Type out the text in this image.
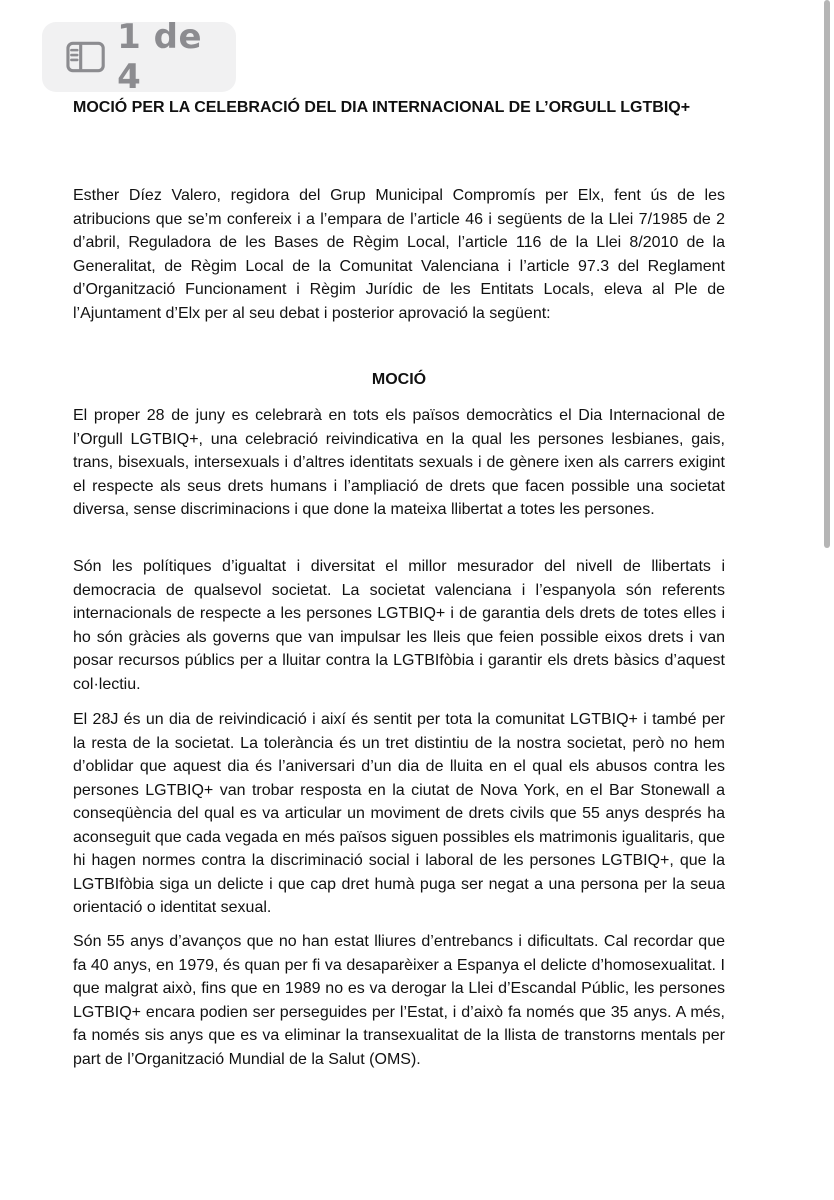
1 de 4
MOCIÓ PER LA CELEBRACIÓ DEL DIA INTERNACIONAL DE L’ORGULL LGTBIQ+

Esther Díez Valero, regidora del Grup Municipal Compromís per Elx, fent ús de les atribucions que se’m confereix i a l’empara de l’article 46 i següents de la Llei 7/1985 de 2 d’abril, Reguladora de les Bases de Règim Local, l’article 116 de la Llei 8/2010 de la Generalitat, de Règim Local de la Comunitat Valenciana i l’article 97.3 del Reglament d’Organització Funcionament i Règim Jurídic de les Entitats Locals, eleva al Ple de l’Ajuntament d’Elx per al seu debat i posterior aprovació la següent:

MOCIÓ

El proper 28 de juny es celebrarà en tots els països democràtics el Dia Internacional de l’Orgull LGTBIQ+, una celebració reivindicativa en la qual les persones lesbianes, gais, trans, bisexuals, intersexuals i d’altres identitats sexuals i de gènere ixen als carrers exigint el respecte als seus drets humans i l’ampliació de drets que facen possible una societat diversa, sense discriminacions i que done la mateixa llibertat a totes les persones.

Són les polítiques d’igualtat i diversitat el millor mesurador del nivell de llibertats i democracia de qualsevol societat. La societat valenciana i l’espanyola són referents internacionals de respecte a les persones LGTBIQ+ i de garantia dels drets de totes elles i ho són gràcies als governs que van impulsar les lleis que feien possible eixos drets i van posar recursos públics per a lluitar contra la LGTBIfòbia i garantir els drets bàsics d’aquest col·lectiu.

El 28J és un dia de reivindicació i així és sentit per tota la comunitat LGTBIQ+ i també per la resta de la societat. La tolerància és un tret distintiu de la nostra societat, però no hem d’oblidar que aquest dia és l’aniversari d’un dia de lluita en el qual els abusos contra les persones LGTBIQ+ van trobar resposta en la ciutat de Nova York, en el Bar Stonewall a conseqüència del qual es va articular un moviment de drets civils que 55 anys després ha aconseguit que cada vegada en més països siguen possibles els matrimonis igualitaris, que hi hagen normes contra la discriminació social i laboral de les persones LGTBIQ+, que la LGTBIfòbia siga un delicte i que cap dret humà puga ser negat a una persona per la seua orientació o identitat sexual.

Són 55 anys d’avanços que no han estat lliures d’entrebancs i dificultats. Cal recordar que fa 40 anys, en 1979, és quan per fi va desaparèixer a Espanya el delicte d’homosexualitat. I que malgrat això, fins que en 1989 no es va derogar la Llei d’Escandal Públic, les persones LGTBIQ+ encara podien ser perseguides per l’Estat, i d’això fa només que 35 anys. A més, fa només sis anys que es va eliminar la transexualitat de la llista de transtorns mentals per part de l’Organització Mundial de la Salut (OMS).
